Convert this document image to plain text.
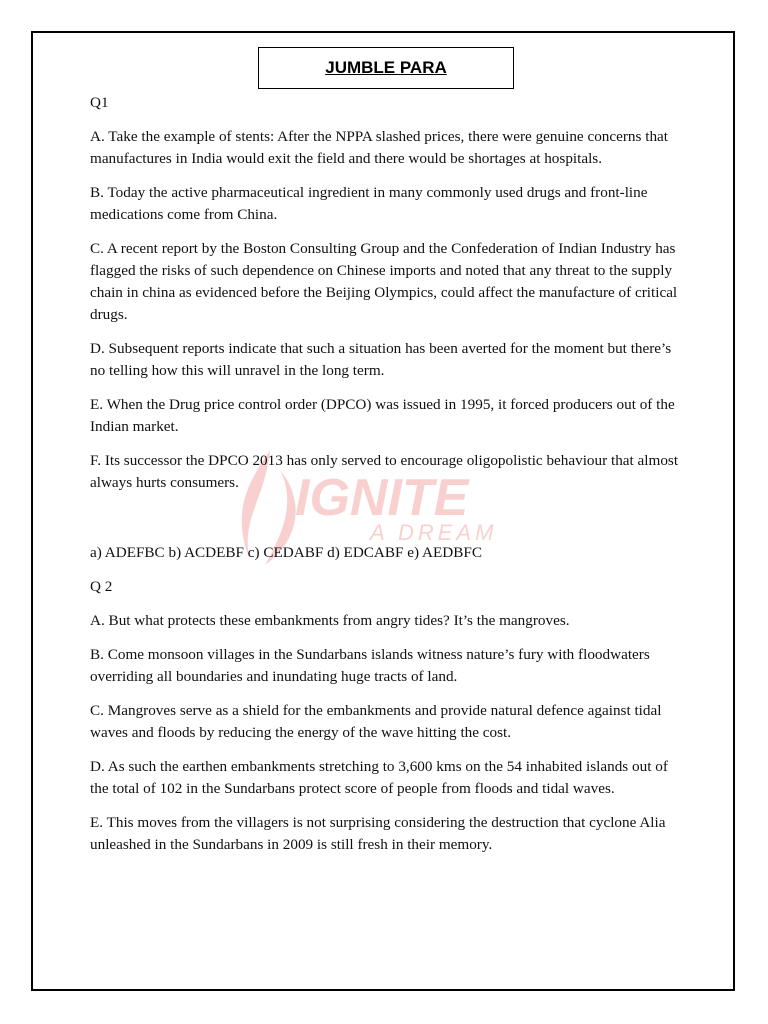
JUMBLE PARA
IGNITE
A DREAM

Q1

A. Take the example of stents: After the NPPA slashed prices, there were genuine concerns that manufactures in India would exit the field and there would be shortages at hospitals.

B. Today the active pharmaceutical ingredient in many commonly used drugs and front-line medications come from China.

C. A recent report by the Boston Consulting Group and the Confederation of Indian Industry has flagged the risks of such dependence on Chinese imports and noted that any threat to the supply chain in china as evidenced before the Beijing Olympics, could affect the manufacture of critical drugs.

D. Subsequent reports indicate that such a situation has been averted for the moment but there’s no telling how this will unravel in the long term.

E. When the Drug price control order (DPCO) was issued in 1995, it forced producers out of the Indian market.

F. Its successor the DPCO 2013 has only served to encourage oligopolistic behaviour that almost always hurts consumers.

a) ADEFBC b) ACDEBF c) CEDABF d) EDCABF e) AEDBFC

Q 2

A. But what protects these embankments from angry tides? It’s the mangroves.

B. Come monsoon villages in the Sundarbans islands witness nature’s fury with floodwaters overriding all boundaries and inundating huge tracts of land.

C. Mangroves serve as a shield for the embankments and provide natural defence against tidal waves and floods by reducing the energy of the wave hitting the cost.

D. As such the earthen embankments stretching to 3,600 kms on the 54 inhabited islands out of the total of 102 in the Sundarbans protect score of people from floods and tidal waves.

E. This moves from the villagers is not surprising considering the destruction that cyclone Alia unleashed in the Sundarbans in 2009 is still fresh in their memory.
